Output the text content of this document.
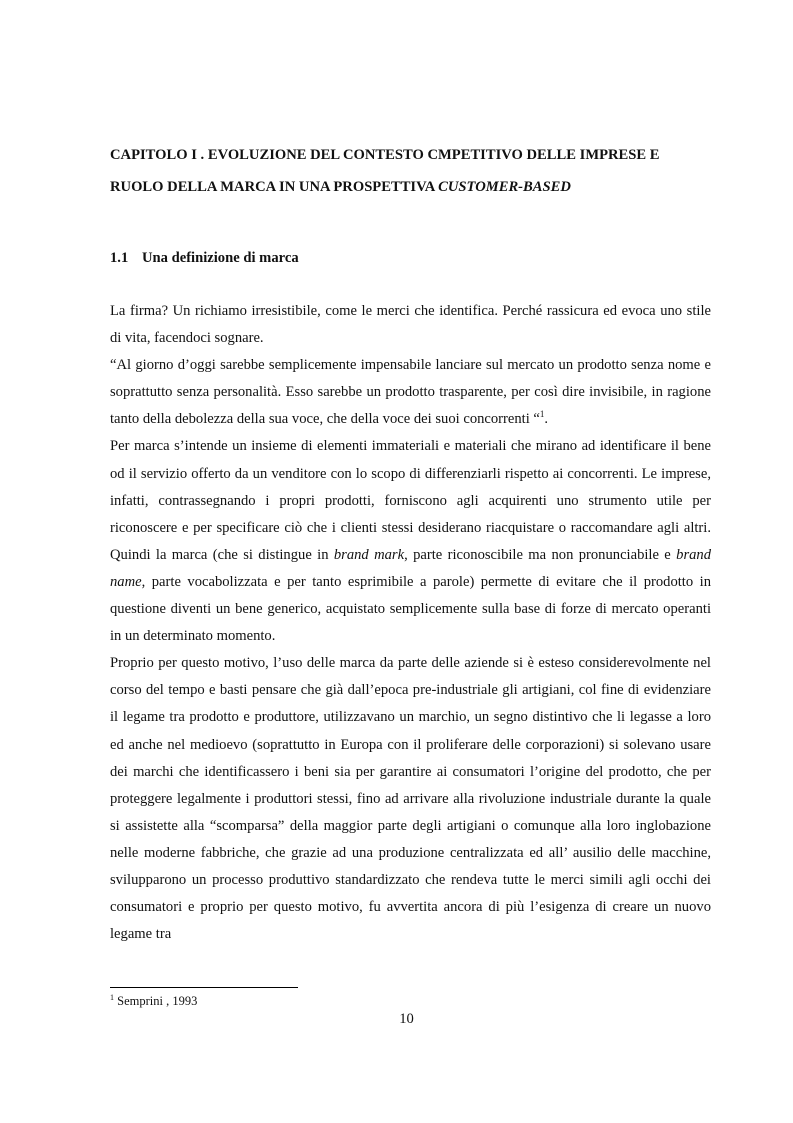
CAPITOLO I . EVOLUZIONE DEL CONTESTO CMPETITIVO DELLE IMPRESE E
RUOLO DELLA MARCA IN UNA PROSPETTIVA CUSTOMER-BASED
1.1 Una definizione di marca

La firma? Un richiamo irresistibile, come le merci che identifica. Perché rassicura ed evoca uno stile di vita, facendoci sognare.

“Al giorno d’oggi sarebbe semplicemente impensabile lanciare sul mercato un prodotto senza nome e soprattutto senza personalità. Esso sarebbe un prodotto trasparente, per così dire invisibile, in ragione tanto della debolezza della sua voce, che della voce dei suoi concorrenti “$^1$.

Per marca s’intende un insieme di elementi immateriali e materiali che mirano ad identificare il bene od il servizio offerto da un venditore con lo scopo di differenziarli rispetto ai concorrenti. Le imprese, infatti, contrassegnando i propri prodotti, forniscono agli acquirenti uno strumento utile per riconoscere e per specificare ciò che i clienti stessi desiderano riacquistare o raccomandare agli altri. Quindi la marca (che si distingue in brand mark, parte riconoscibile ma non pronunciabile e brand name, parte vocabolizzata e per tanto esprimibile a parole) permette di evitare che il prodotto in questione diventi un bene generico, acquistato semplicemente sulla base di forze di mercato operanti in un determinato momento.

Proprio per questo motivo, l’uso delle marca da parte delle aziende si è esteso considerevolmente nel corso del tempo e basti pensare che già dall’epoca pre-industriale gli artigiani, col fine di evidenziare il legame tra prodotto e produttore, utilizzavano un marchio, un segno distintivo che li legasse a loro ed anche nel medioevo (soprattutto in Europa con il proliferare delle corporazioni) si solevano usare dei marchi che identificassero i beni sia per garantire ai consumatori l’origine del prodotto, che per proteggere legalmente i produttori stessi, fino ad arrivare alla rivoluzione industriale durante la quale si assistette alla “scomparsa” della maggior parte degli artigiani o comunque alla loro inglobazione nelle moderne fabbriche, che grazie ad una produzione centralizzata ed all’ ausilio delle macchine, svilupparono un processo produttivo standardizzato che rendeva tutte le merci simili agli occhi dei consumatori e proprio per questo motivo, fu avvertita ancora di più l’esigenza di creare un nuovo legame tra

$^1$ Semprini , 1993
10
